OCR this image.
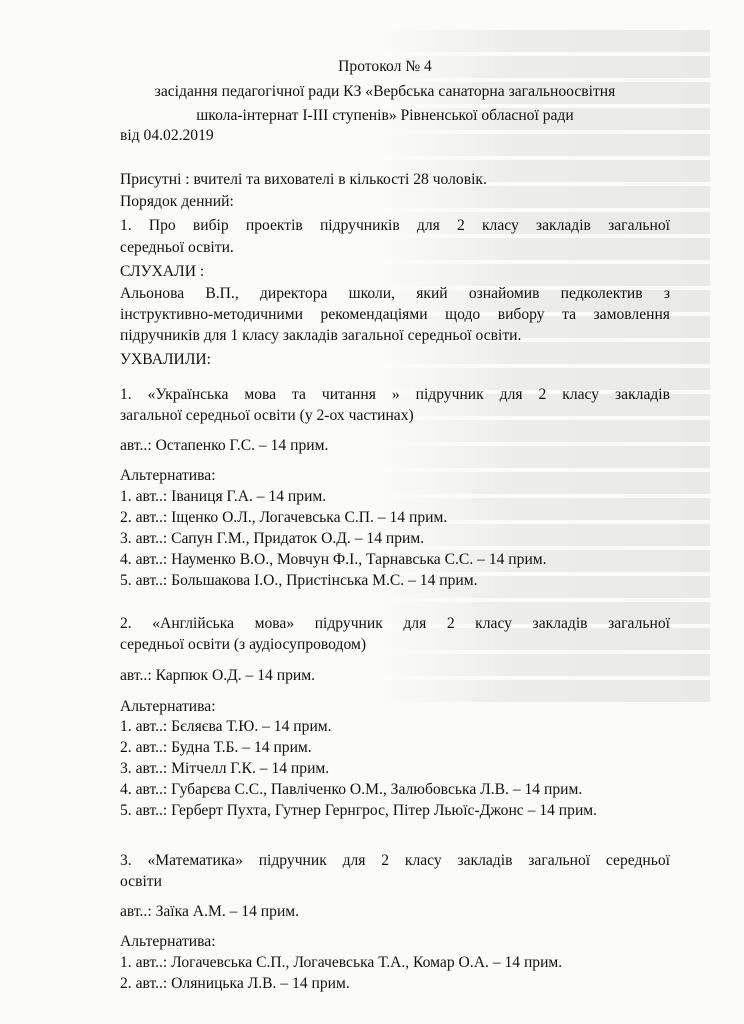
Протокол № 4
засідання педагогічної ради КЗ «Вербська санаторна загальноосвітня
школа-інтернат І-ІІІ ступенів» Рівненської обласної ради
від 04.02.2019
Присутні : вчителі та вихователі в кількості 28 чоловік.
Порядок денний:
1. Про вибір проектів підручників для 2 класу закладів загальної
середньої освіти.
СЛУХАЛИ :
Альонова В.П., директора школи, який ознайомив педколектив з
інструктивно-методичними рекомендаціями щодо вибору та замовлення
підручників для 1 класу закладів загальної середньої освіти.
УХВАЛИЛИ:
1. «Українська мова та читання » підручник для 2 класу закладів
загальної середньої освіти (у 2-ох частинах)
авт..: Остапенко Г.С. – 14 прим.
Альтернатива:
1. авт..: Іваниця Г.А. – 14 прим.
2. авт..: Іщенко О.Л., Логачевська С.П. – 14 прим.
3. авт..: Сапун Г.М., Придаток О.Д. – 14 прим.
4. авт..: Науменко В.О., Мовчун Ф.І., Тарнавська С.С. – 14 прим.
5. авт..: Большакова І.О., Пристінська М.С. – 14 прим.
2. «Англійська мова» підручник для 2 класу закладів загальної
середньої освіти (з аудіосупроводом)
авт..: Карпюк О.Д. – 14 прим.
Альтернатива:
1. авт..: Бєляєва Т.Ю. – 14 прим.
2. авт..: Будна Т.Б. – 14 прим.
3. авт..: Мітчелл Г.К. – 14 прим.
4. авт..: Губарєва С.С., Павліченко О.М., Залюбовська Л.В. – 14 прим.
5. авт..: Герберт Пухта, Гутнер Гернгрос, Пітер Льюїс-Джонс – 14 прим.
3. «Математика» підручник для 2 класу закладів загальної середньої
освіти
авт..: Заїка А.М. – 14 прим.
Альтернатива:
1. авт..: Логачевська С.П., Логачевська Т.А., Комар О.А. – 14 прим.
2. авт..: Оляницька Л.В. – 14 прим.
